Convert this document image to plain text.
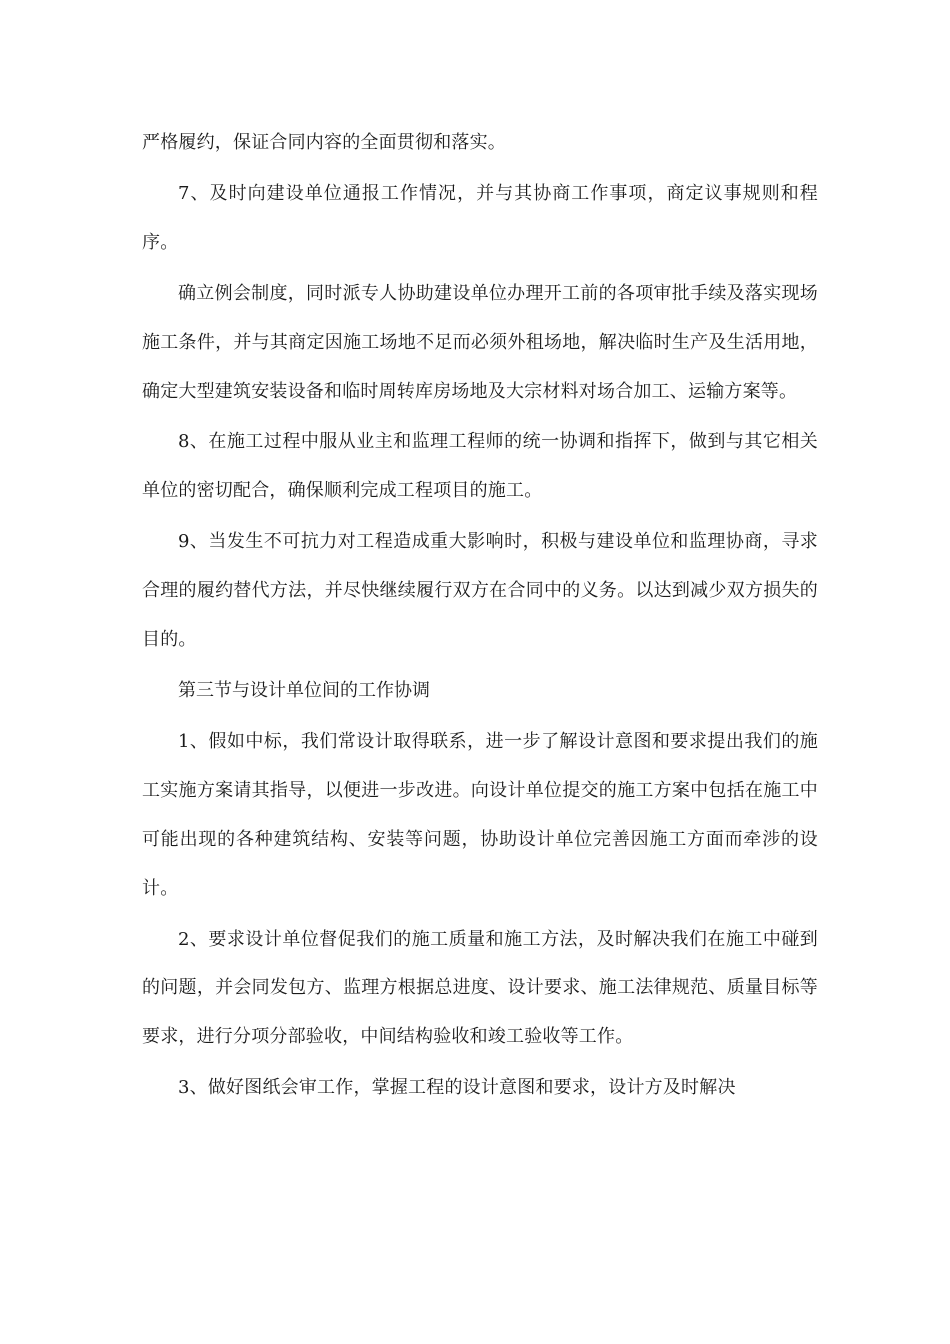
严格履约，保证合同内容的全面贯彻和落实。

7、及时向建设单位通报工作情况，并与其协商工作事项，商定议事规则和程序。

确立例会制度，同时派专人协助建设单位办理开工前的各项审批手续及落实现场施工条件，并与其商定因施工场地不足而必须外租场地，解决临时生产及生活用地，确定大型建筑安装设备和临时周转库房场地及大宗材料对场合加工、运输方案等。

8、在施工过程中服从业主和监理工程师的统一协调和指挥下，做到与其它相关单位的密切配合，确保顺利完成工程项目的施工。

9、当发生不可抗力对工程造成重大影响时，积极与建设单位和监理协商，寻求合理的履约替代方法，并尽快继续履行双方在合同中的义务。以达到减少双方损失的目的。

第三节与设计单位间的工作协调

1、假如中标，我们常设计取得联系，进一步了解设计意图和要求提出我们的施工实施方案请其指导，以便进一步改进。向设计单位提交的施工方案中包括在施工中可能出现的各种建筑结构、安装等问题，协助设计单位完善因施工方面而牵涉的设计。

2、要求设计单位督促我们的施工质量和施工方法，及时解决我们在施工中碰到的问题，并会同发包方、监理方根据总进度、设计要求、施工法律规范、质量目标等要求，进行分项分部验收，中间结构验收和竣工验收等工作。

3、做好图纸会审工作，掌握工程的设计意图和要求，设计方及时解决
